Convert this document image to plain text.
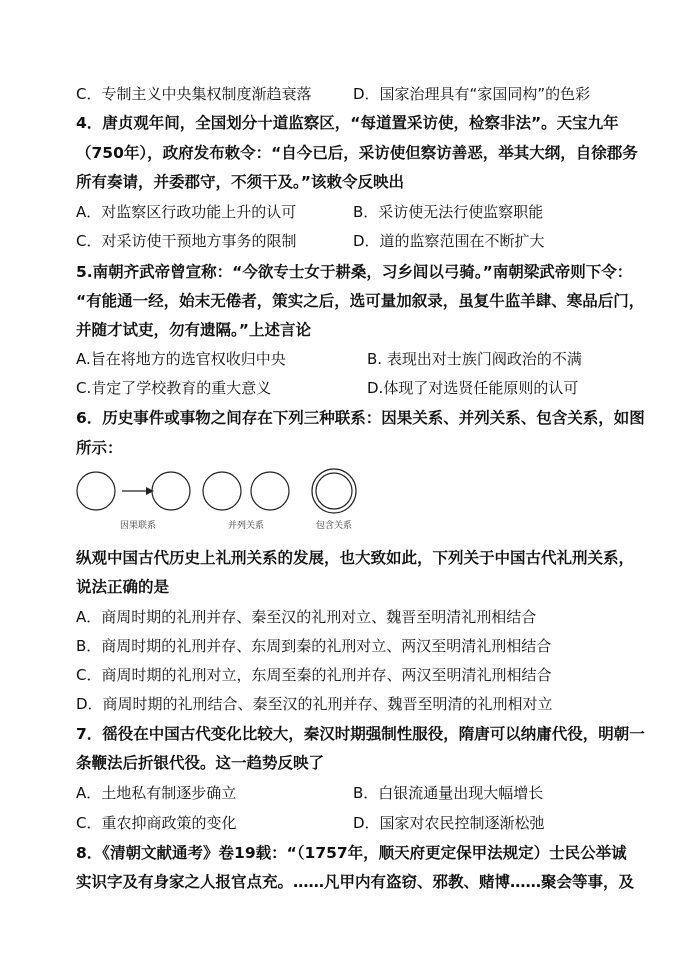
C．专制主义中央集权制度渐趋衰落	D．国家治理具有“家国同构”的色彩
4．唐贞观年间，全国划分十道监察区，“每道置采访使，检察非法”。天宝九年
（750年），政府发布敕令：“自今已后，采访使但察访善恶，举其大纲，自徐郡务
所有奏请，并委郡守，不须干及。”该敕令反映出
A．对监察区行政功能上升的认可	B．采访使无法行使监察职能
C．对采访使干预地方事务的限制	D．道的监察范围在不断扩大
5.南朝齐武帝曾宣称：“今欲专士女于耕桑，习乡闾以弓骑。”南朝梁武帝则下令：
“有能通一经，始末无倦者，策实之后，选可量加叙录，虽复牛监羊肆、寒品后门，
并随才试吏，勿有遗隔。”上述言论
A.旨在将地方的选官权收归中央	B. 表现出对士族门阀政治的不满
C.肯定了学校教育的重大意义	D.体现了对选贤任能原则的认可
6．历史事件或事物之间存在下列三种联系：因果关系、并列关系、包含关系，如图
所示：
因果联系	并列关系	包含关系
纵观中国古代历史上礼刑关系的发展，也大致如此，下列关于中国古代礼刑关系，
说法正确的是
A．商周时期的礼刑并存、秦至汉的礼刑对立、魏晋至明清礼刑相结合
B．商周时期的礼刑并存、东周到秦的礼刑对立、两汉至明清礼刑相结合
C．商周时期的礼刑对立，东周至秦的礼刑并存、两汉至明清礼刑相结合
D．商周时期的礼刑结合、秦至汉的礼刑并存、魏晋至明清的礼刑相对立
7．徭役在中国古代变化比较大，秦汉时期强制性服役，隋唐可以纳庸代役，明朝一
条鞭法后折银代役。这一趋势反映了
A．土地私有制逐步确立	B．白银流通量出现大幅增长
C．重农抑商政策的变化	D．国家对农民控制逐渐松弛
8．《清朝文献通考》卷19载：“（1757年，顺天府更定保甲法规定）士民公举诚
实识字及有身家之人报官点充。……凡甲内有盗窃、邪教、赌博……聚会等事，及
